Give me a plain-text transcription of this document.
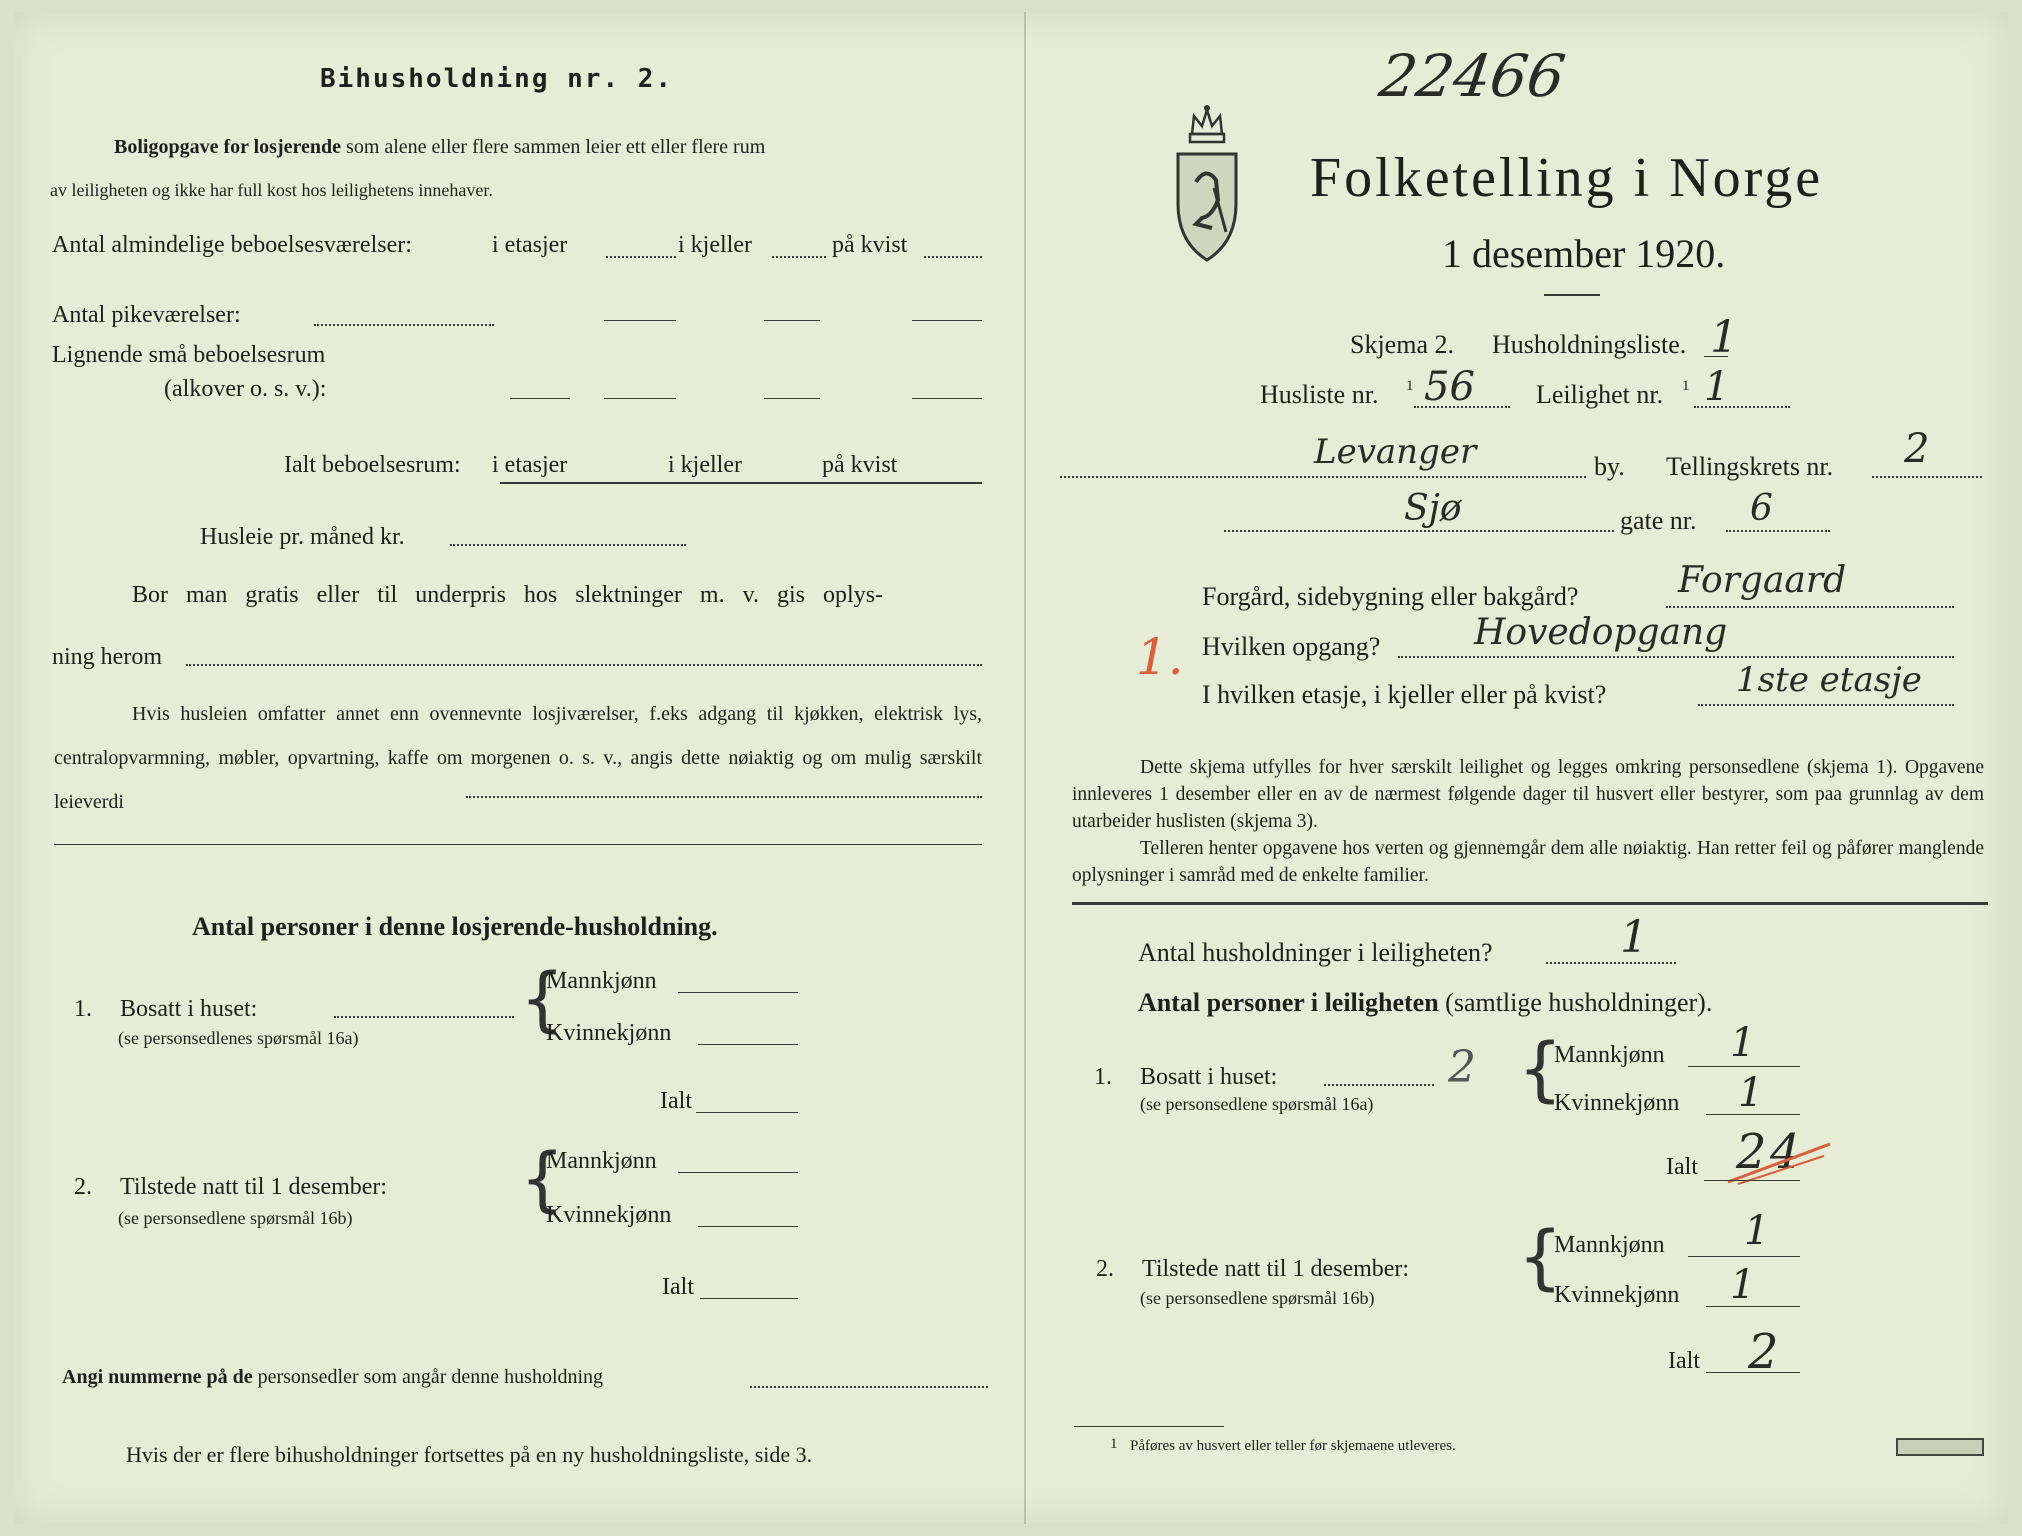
Bihusholdning nr. 2.
Boligopgave for losjerende som alene eller flere sammen leier ett eller flere rum
av leiligheten og ikke har full kost hos leilighetens innehaver.
Antal almindelige beboelsesværelser:	i etasjer	i kjeller	på kvist
Antal pikeværelser:
Lignende små beboelsesrum
(alkover o. s. v.):
Ialt beboelsesrum: i etasjer	i kjeller	på kvist
Husleie pr. måned kr.
Bor man gratis eller til underpris hos slektninger m. v. gis oplys-
ning herom
Hvis husleien omfatter annet enn ovennevnte losjiværelser, f.eks adgang til kjøkken, elektrisk lys, centralopvarmning, møbler, opvartning, kaffe om morgenen o. s. v., angis dette nøiaktig og om mulig særskilt leieverdi
Antal personer i denne losjerende-husholdning.
1. Bosatt i huset:
(se personsedlenes spørsmål 16a) {
Mannkjønn
Kvinnekjønn
Ialt
2. Tilstede natt til 1 desember:
(se personsedlene spørsmål 16b) {
Mannkjønn
Kvinnekjønn
Ialt
Angi nummerne på de personsedler som angår denne husholdning
Hvis der er flere bihusholdninger fortsettes på en ny husholdningsliste, side 3.
22466
Folketelling i Norge
1 desember 1920.
Skjema 2. Husholdningsliste. 1
Husliste nr. 1 56 Leilighet nr. 1 1
Levanger	by. Tellingskrets nr. 2
Sjø	gate nr. 6
Forgård, sidebygning eller bakgård?	Forgaard
1. Hvilken opgang?	Hovedopgang
I hvilken etasje, i kjeller eller på kvist?	1ste etasje
Dette skjema utfylles for hver særskilt leilighet og legges omkring personsedlene (skjema 1). Opgavene innleveres 1 desember eller en av de nærmest følgende dager til husvert eller bestyrer, som paa grunnlag av dem utarbeider huslisten (skjema 3).
Telleren henter opgavene hos verten og gjennemgår dem alle nøiaktig. Han retter feil og påfører manglende oplysninger i samråd med de enkelte familier.
Antal husholdninger i leiligheten?	1
Antal personer i leiligheten (samtlige husholdninger).
1. Bosatt i huset:	2
(se personsedlene spørsmål 16a) {
Mannkjønn 1
Kvinnekjønn 1
Ialt 2 4
2. Tilstede natt til 1 desember:
(se personsedlene spørsmål 16b) {
Mannkjønn 1
Kvinnekjønn 1
Ialt 2
1 Påføres av husvert eller teller før skjemaene utleveres.
